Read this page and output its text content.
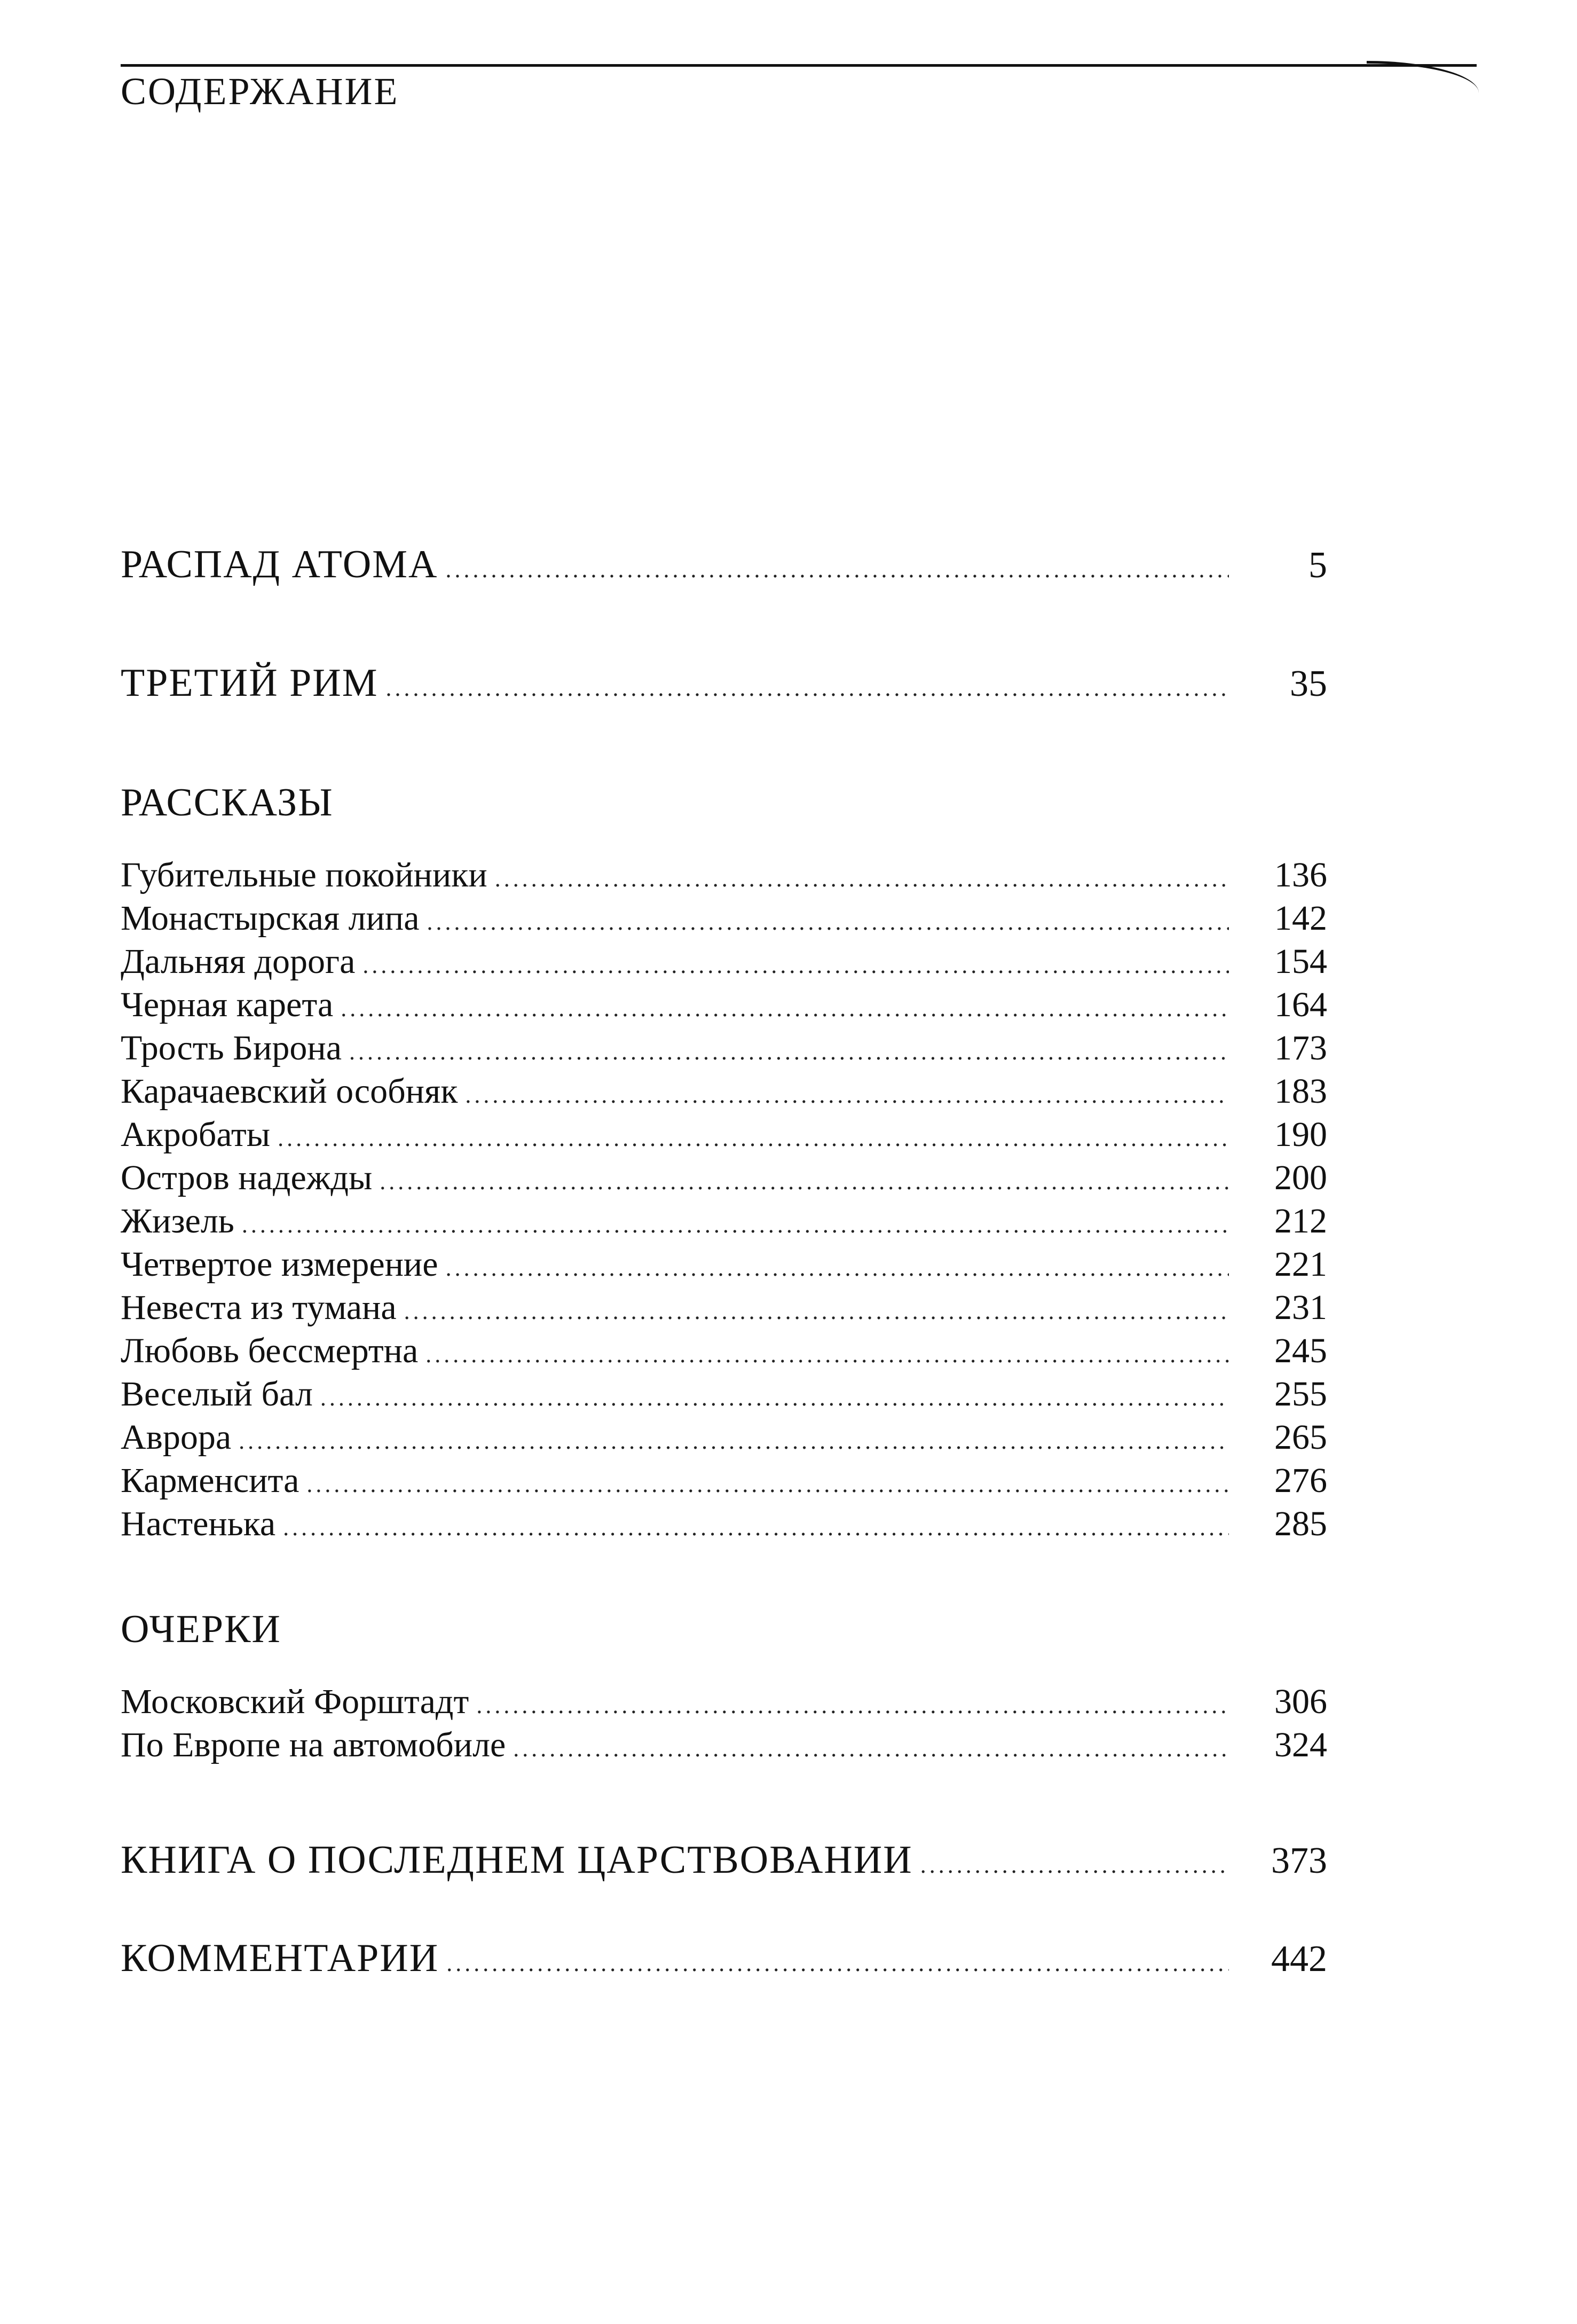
СОДЕРЖАНИЕ
РАСПАД АТОМА .....	5
ТРЕТИЙ РИМ .....	35
РАССКАЗЫ
Губительные покойники .....	136
Монастырская липа .....	142
Дальняя дорога .....	154
Черная карета .....	164
Трость Бирона .....	173
Карачаевский особняк .....	183
Акробаты .....	190
Остров надежды .....	200
Жизель .....	212
Четвертое измерение .....	221
Невеста из тумана .....	231
Любовь бессмертна .....	245
Веселый бал .....	255
Аврора .....	265
Карменсита .....	276
Настенька .....	285
ОЧЕРКИ
Московский Форштадт .....	306
По Европе на автомобиле .....	324
КНИГА О ПОСЛЕДНЕМ ЦАРСТВОВАНИИ .....	373
КОММЕНТАРИИ .....	442
